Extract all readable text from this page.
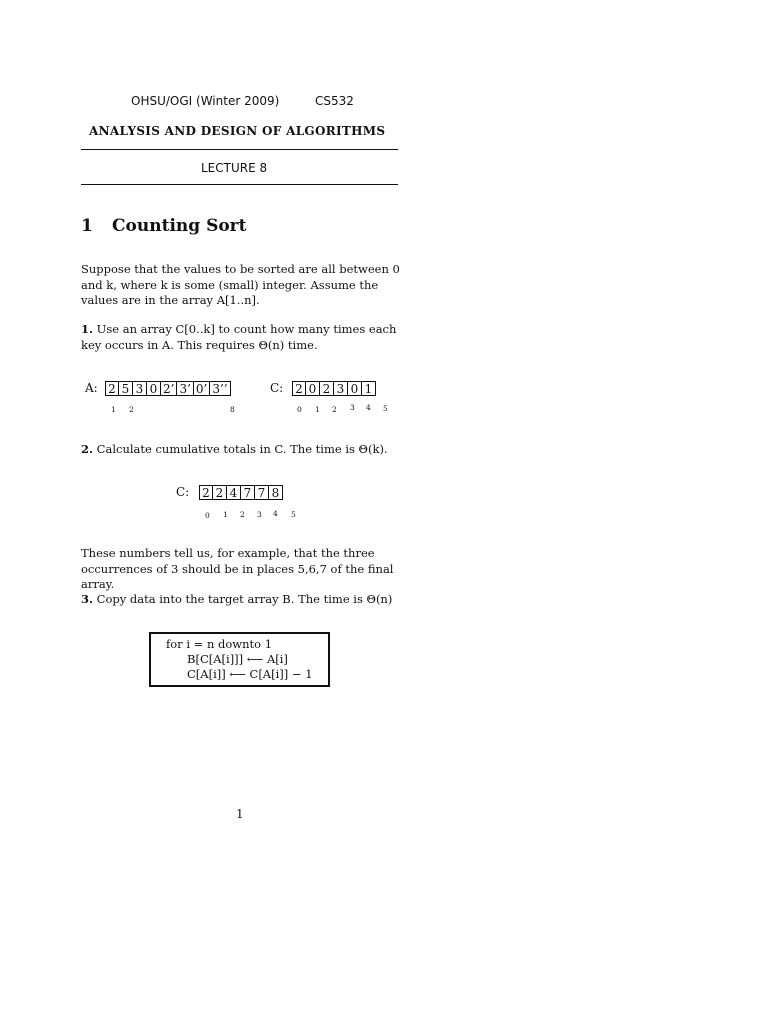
OHSU/OGI (Winter 2009)	CS532
ANALYSIS AND DESIGN OF ALGORITHMS
LECTURE 8
1 Counting Sort
Suppose that the values to be sorted are all between 0 and k, where k is some (small) integer. Assume the values are in the array A[1..n].
1. Use an array C[0..k] to count how many times each key occurs in A. This requires Θ(n) time.
A: 2 5 3 0 2’ 3’ 0’ 3’’
1 2	8
C: 2 0 2 3 0 1
0 1 2 3 4 5
2. Calculate cumulative totals in C. The time is Θ(k).
C: 2 2 4 7 7 8
0 1 2 3 4 5
These numbers tell us, for example, that the three occurrences of 3 should be in places 5,6,7 of the final array.
3. Copy data into the target array B. The time is Θ(n)
for i = n downto 1
B[C[A[i]]] ⟵ A[i]
C[A[i]] ⟵ C[A[i]] − 1
1
